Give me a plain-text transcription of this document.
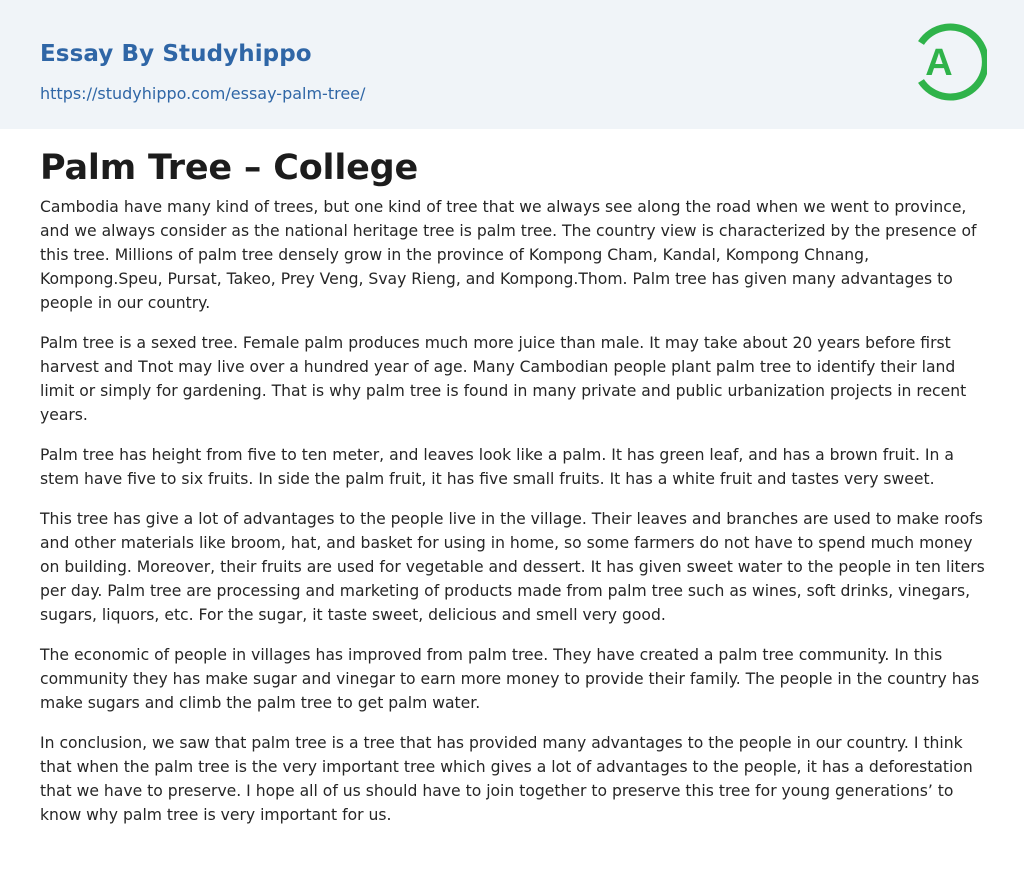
Essay By Studyhippo
https://studyhippo.com/essay-palm-tree/
A
Palm Tree – College

Cambodia have many kind of trees, but one kind of tree that we always see along the road when we went to province, and we always consider as the national heritage tree is palm tree. The country view is characterized by the presence of this tree. Millions of palm tree densely grow in the province of Kompong Cham, Kandal, Kompong Chnang, Kompong.Speu, Pursat, Takeo, Prey Veng, Svay Rieng, and Kompong.Thom. Palm tree has given many advantages to people in our country.

Palm tree is a sexed tree. Female palm produces much more juice than male. It may take about 20 years before first harvest and Tnot may live over a hundred year of age. Many Cambodian people plant palm tree to identify their land limit or simply for gardening. That is why palm tree is found in many private and public urbanization projects in recent years.

Palm tree has height from five to ten meter, and leaves look like a palm. It has green leaf, and has a brown fruit. In a stem have five to six fruits. In side the palm fruit, it has five small fruits. It has a white fruit and tastes very sweet.

This tree has give a lot of advantages to the people live in the village. Their leaves and branches are used to make roofs and other materials like broom, hat, and basket for using in home, so some farmers do not have to spend much money on building. Moreover, their fruits are used for vegetable and dessert. It has given sweet water to the people in ten liters per day. Palm tree are processing and marketing of products made from palm tree such as wines, soft drinks, vinegars, sugars, liquors, etc. For the sugar, it taste sweet, delicious and smell very good.

The economic of people in villages has improved from palm tree. They have created a palm tree community. In this community they has make sugar and vinegar to earn more money to provide their family. The people in the country has make sugars and climb the palm tree to get palm water.

In conclusion, we saw that palm tree is a tree that has provided many advantages to the people in our country. I think that when the palm tree is the very important tree which gives a lot of advantages to the people, it has a deforestation that we have to preserve. I hope all of us should have to join together to preserve this tree for young generations’ to know why palm tree is very important for us.
